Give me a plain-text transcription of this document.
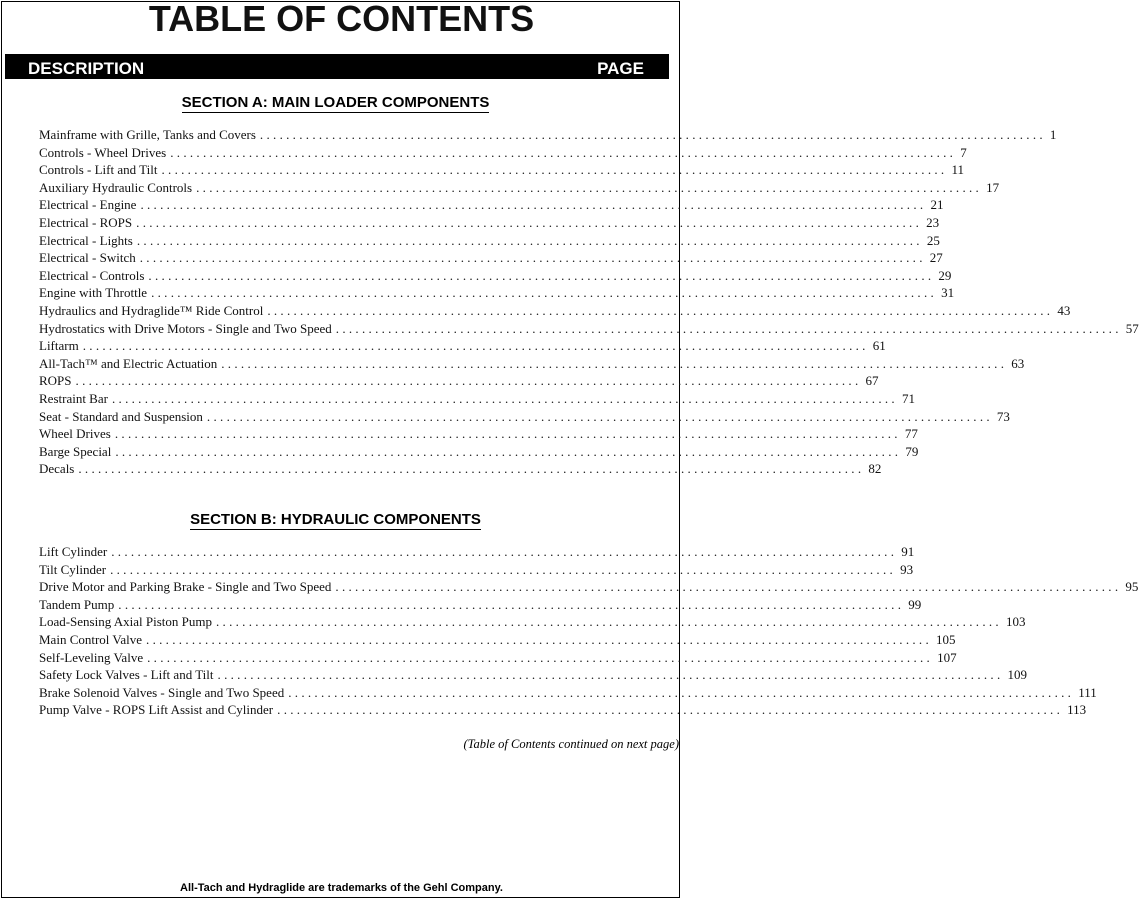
TABLE OF CONTENTS
DESCRIPTION	PAGE
SECTION A: MAIN LOADER COMPONENTS
Mainframe with Grille, Tanks and Covers ........................................................................................................................ 1
Controls - Wheel Drives ........................................................................................................................ 7
Controls - Lift and Tilt ........................................................................................................................ 11
Auxiliary Hydraulic Controls ........................................................................................................................ 17
Electrical - Engine ........................................................................................................................ 21
Electrical - ROPS ........................................................................................................................ 23
Electrical - Lights ........................................................................................................................ 25
Electrical - Switch ........................................................................................................................ 27
Electrical - Controls ........................................................................................................................ 29
Engine with Throttle ........................................................................................................................ 31
Hydraulics and Hydraglide™ Ride Control ........................................................................................................................ 43
Hydrostatics with Drive Motors - Single and Two Speed ........................................................................................................................ 57
Liftarm ........................................................................................................................ 61
All-Tach™ and Electric Actuation ........................................................................................................................ 63
ROPS ........................................................................................................................ 67
Restraint Bar ........................................................................................................................ 71
Seat - Standard and Suspension ........................................................................................................................ 73
Wheel Drives ........................................................................................................................ 77
Barge Special ........................................................................................................................ 79
Decals ........................................................................................................................ 82
SECTION B: HYDRAULIC COMPONENTS
Lift Cylinder ........................................................................................................................ 91
Tilt Cylinder ........................................................................................................................ 93
Drive Motor and Parking Brake - Single and Two Speed ........................................................................................................................ 95
Tandem Pump ........................................................................................................................ 99
Load-Sensing Axial Piston Pump ........................................................................................................................ 103
Main Control Valve ........................................................................................................................ 105
Self-Leveling Valve ........................................................................................................................ 107
Safety Lock Valves - Lift and Tilt ........................................................................................................................ 109
Brake Solenoid Valves - Single and Two Speed ........................................................................................................................ 111
Pump Valve - ROPS Lift Assist and Cylinder ........................................................................................................................ 113
(Table of Contents continued on next page)
All-Tach and Hydraglide are trademarks of the Gehl Company.
